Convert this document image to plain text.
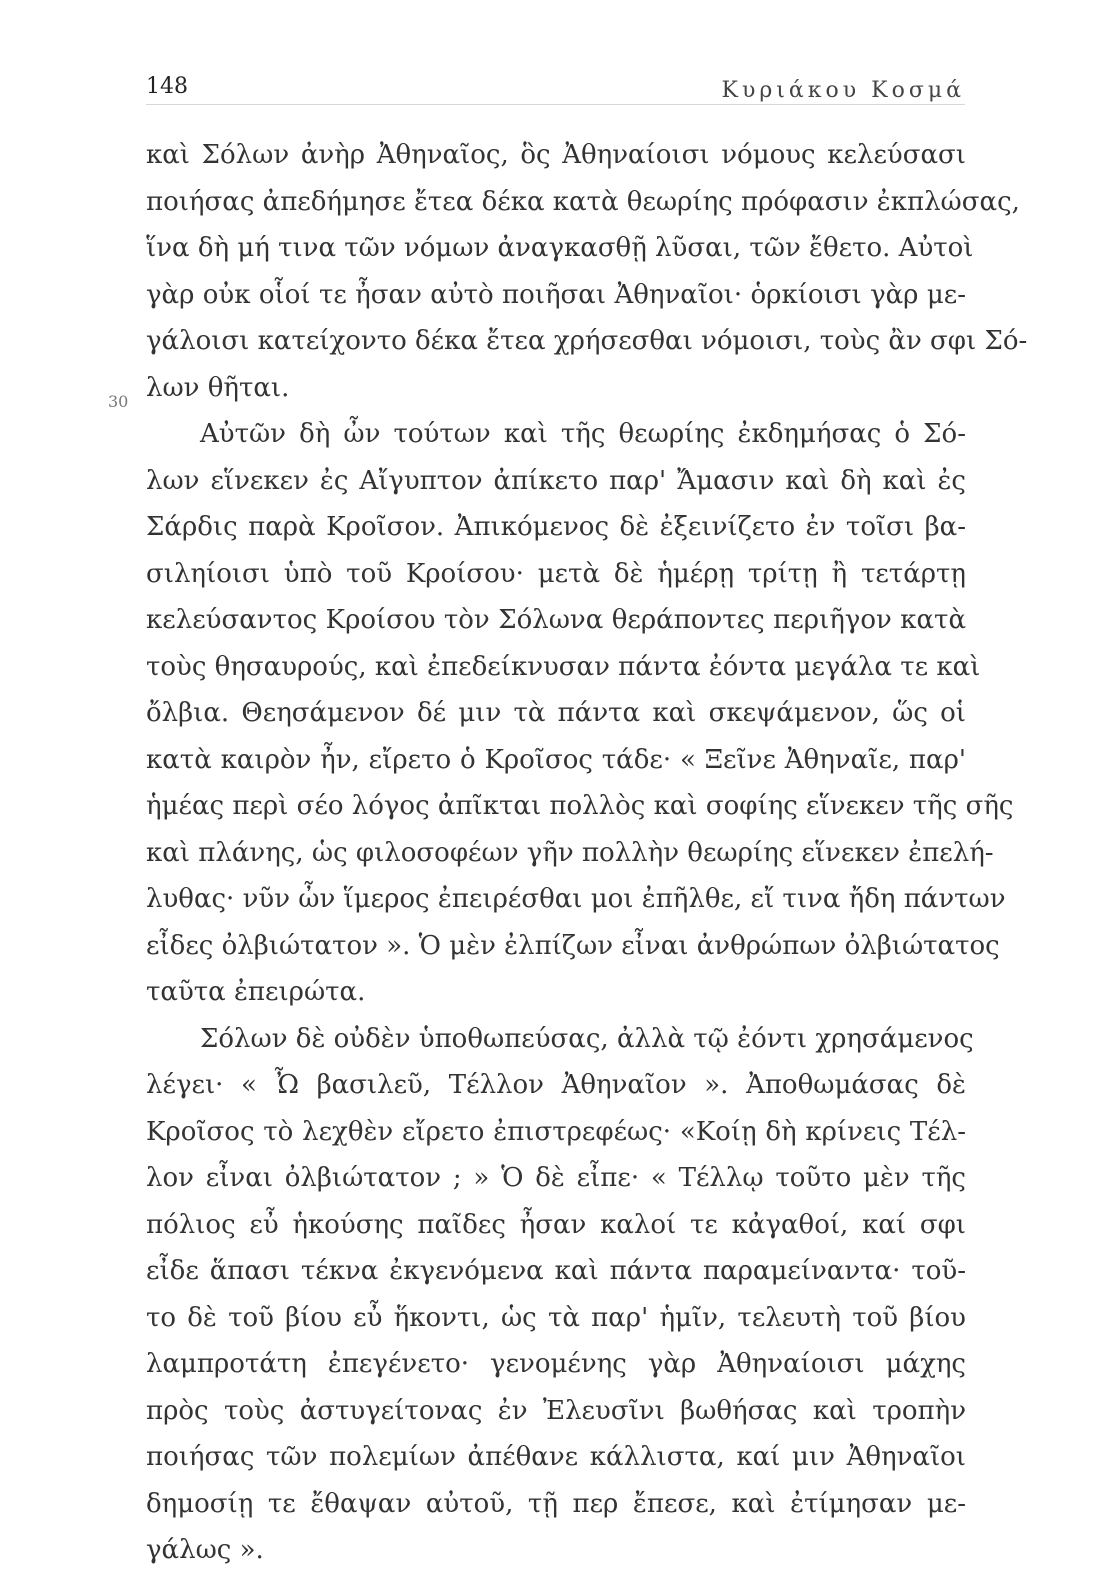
148	Κυριάκου Κοσμά
30
καὶ Σόλων ἀνὴρ Ἀθηναῖος, ὃς Ἀθηναίοισι νόμους κελεύσασι
ποιήσας ἀπεδήμησε ἔτεα δέκα κατὰ θεωρίης πρόφασιν ἐκπλώσας,
ἵνα δὴ μή τινα τῶν νόμων ἀναγκασθῇ λῦσαι, τῶν ἔθετο. Αὐτοὶ
γὰρ οὐκ οἷοί τε ἦσαν αὐτὸ ποιῆσαι Ἀθηναῖοι· ὁρκίοισι γὰρ με-
γάλοισι κατείχοντο δέκα ἔτεα χρήσεσθαι νόμοισι, τοὺς ἂν σφι Σό-
λων θῆται.
Αὐτῶν δὴ ὦν τούτων καὶ τῆς θεωρίης ἐκδημήσας ὁ Σό-
λων εἵνεκεν ἐς Αἴγυπτον ἀπίκετο παρ' Ἄμασιν καὶ δὴ καὶ ἐς
Σάρδις παρὰ Κροῖσον. Ἀπικόμενος δὲ ἐξεινίζετο ἐν τοῖσι βα-
σιληίοισι ὑπὸ τοῦ Κροίσου· μετὰ δὲ ἡμέρῃ τρίτῃ ἢ τετάρτῃ
κελεύσαντος Κροίσου τὸν Σόλωνα θεράποντες περιῆγον κατὰ
τοὺς θησαυρούς, καὶ ἐπεδείκνυσαν πάντα ἐόντα μεγάλα τε καὶ
ὄλβια. Θεησάμενον δέ μιν τὰ πάντα καὶ σκεψάμενον, ὥς οἱ
κατὰ καιρὸν ἦν, εἴρετο ὁ Κροῖσος τάδε· « Ξεῖνε Ἀθηναῖε, παρ'
ἡμέας περὶ σέο λόγος ἀπῖκται πολλὸς καὶ σοφίης εἵνεκεν τῆς σῆς
καὶ πλάνης, ὡς φιλοσοφέων γῆν πολλὴν θεωρίης εἵνεκεν ἐπελή-
λυθας· νῦν ὦν ἵμερος ἐπειρέσθαι μοι ἐπῆλθε, εἴ τινα ἤδη πάντων
εἶδες ὀλβιώτατον ». Ὁ μὲν ἐλπίζων εἶναι ἀνθρώπων ὀλβιώτατος
ταῦτα ἐπειρώτα.
Σόλων δὲ οὐδὲν ὑποθωπεύσας, ἀλλὰ τῷ ἐόντι χρησάμενος
λέγει· « Ὦ βασιλεῦ, Τέλλον Ἀθηναῖον ». Ἀποθωμάσας δὲ
Κροῖσος τὸ λεχθὲν εἴρετο ἐπιστρεφέως· «Κοίῃ δὴ κρίνεις Τέλ-
λον εἶναι ὀλβιώτατον ; » Ὁ δὲ εἶπε· « Τέλλῳ τοῦτο μὲν τῆς
πόλιος εὖ ἡκούσης παῖδες ἦσαν καλοί τε κἀγαθοί, καί σφι
εἶδε ἅπασι τέκνα ἐκγενόμενα καὶ πάντα παραμείναντα· τοῦ-
το δὲ τοῦ βίου εὖ ἥκοντι, ὡς τὰ παρ' ἡμῖν, τελευτὴ τοῦ βίου
λαμπροτάτη ἐπεγένετο· γενομένης γὰρ Ἀθηναίοισι μάχης
πρὸς τοὺς ἀστυγείτονας ἐν Ἐλευσῖνι βωθήσας καὶ τροπὴν
ποιήσας τῶν πολεμίων ἀπέθανε κάλλιστα, καί μιν Ἀθηναῖοι
δημοσίῃ τε ἔθαψαν αὐτοῦ, τῇ περ ἔπεσε, καὶ ἐτίμησαν με-
γάλως ».
